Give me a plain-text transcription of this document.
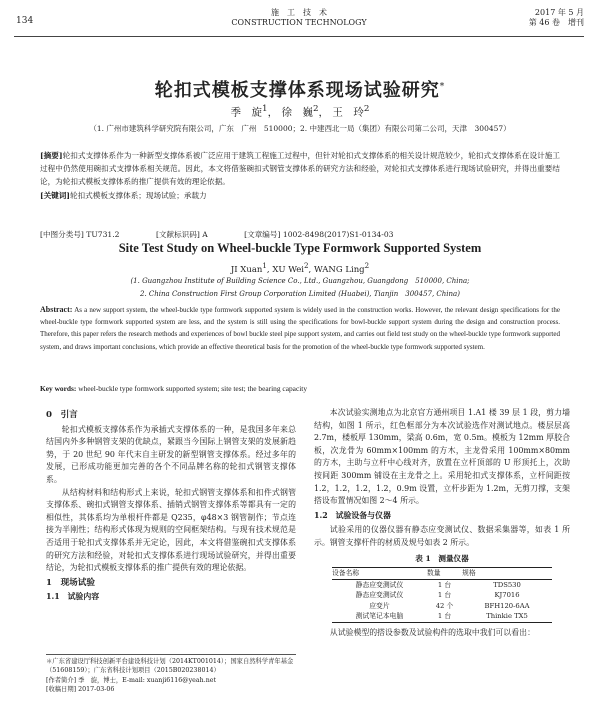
134
施　工　技　术
CONSTRUCTION TECHNOLOGY
2017 年 5 月
第 46 卷　增刊
轮扣式模板支撑体系现场试验研究*
季　旋$^1$， 徐　巍$^2$， 王　玲$^2$
（1. 广州市建筑科学研究院有限公司，广东　广州　510000；2. 中建西北一局（集团）有限公司第二公司，天津　300457）
[摘要]轮扣式支撑体系作为一种新型支撑体系被广泛应用于建筑工程施工过程中，但针对轮扣式支撑体系的相关设计规范较少，轮扣式支撑体系在设计施工过程中仍然使用碗扣式支撑体系相关规范。因此，本文将借鉴碗扣式钢管支撑体系的研究方法和经验，对轮扣式支撑体系进行现场试验研究，并得出重要结论，为轮扣式模板支撑体系的推广提供有效的理论依据。
[关键词]轮扣式模板支撑体系；现场试验；承载力
[中图分类号] TU731.2	[文献标识码] A	[文章编号] 1002-8498(2017)S1-0134-03
Site Test Study on Wheel-buckle Type Formwork Supported System
JI Xuan$^1$, XU Wei$^2$, WANG Ling$^2$
(1. Guangzhou Institute of Building Science Co., Ltd., Guangzhou, Guangdong　510000, China;
2. China Construction First Group Corporation Limited (Huabei), Tianjin　300457, China)
Abstract: As a new support system, the wheel-buckle type formwork supported system is widely used in the construction works. However, the relevant design specifications for the wheel-buckle type formwork supported system are less, and the system is still using the specifications for bowl-buckle support system during the design and construction process. Therefore, this paper refers the research methods and experiences of bowl buckle steel pipe support system, and carries out field test study on the wheel-buckle type formwork supported system, and draws important conclusions, which provide an effective theoretical basis for the promotion of the wheel-buckle type formwork supported system.
Key words: wheel-buckle type formwork supported system; site test; the bearing capacity
0　引言

轮扣式模板支撑体系作为承插式支撑体系的一种，是我国多年来总结国内外多种钢管支架的优缺点，紧跟当今国际上钢管支架的发展新趋势，于 20 世纪 90 年代末自主研发的新型钢管支撑体系。经过多年的发展，已形成功能更加完善的各个不同品牌名称的轮扣式钢管支撑体系。

从结构材料和结构形式上来说，轮扣式钢管支撑体系和扣件式钢管支撑体系、碗扣式钢管支撑体系、插销式钢管支撑体系等都具有一定的相似性，其体系均为单根杆件都是 Q235，φ48×3 钢管制作；节点连接为半刚性；结构形式体现为规则的空间框架结构。与现有技术规范是否适用于轮扣式支撑体系并无定论，因此，本文将借鉴碗扣式支撑体系的研究方法和经验，对轮扣式支撑体系进行现场试验研究，并得出重要结论，为轮扣式模板支撑体系的推广提供有效的理论依据。

1　现场试验
1.1　试验内容
＊广东省建设厅科技创新平台建设科技计划（2014KT001014）；国家自然科学青年基金（51608159）；广东省科技计划项目（2015B020238014）
[作者简介] 季　旋，博士，E-mail: xuanji6116@yeah.net
[收稿日期] 2017-03-06

本次试验实测地点为北京官方通州项目 1.A1 楼 39 层 1 段，剪力墙结构，如图 1 所示，红色框部分为本次试验选作对测试地点。楼层层高 2.7m，楼板厚 130mm，梁高 0.6m，宽 0.5m。模板为 12mm 厚胶合板，次龙骨为 60mm×100mm 的方木，主龙骨采用 100mm×80mm 的方木，主助与立杆中心线对齐，放置在立杆顶部的 U 形顶托上，次助按间距 300mm 铺设在主龙骨之上。采用轮扣式支撑体系，立杆间距按 1.2，1.2，1.2，1.2，0.9m 设置，立杆步距为 1.2m，无剪刀撑，支架搭设布置情况如图 2～4 所示。

1.2　试验设备与仪器

试验采用的仪器仪器有静态应变测试仪、数据采集器等，如表 1 所示。钢管支撑杆件的材质及规号如表 2 所示。

表 1　测量仪器
设备名称	数量	规格
静态应变测试仪	1 台	TDS530
静态应变测试仪	1 台	KJ7016
应变片	42 个	BFH120-6AA
测试笔记本电脑	1 台	Thinkie TX5

从试验模型的搭设参数及试验构件的选取中我们可以看出：
